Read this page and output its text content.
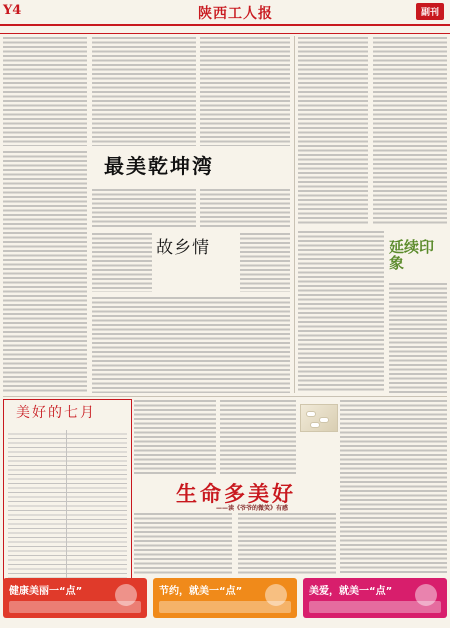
Y4	陕西工人报	副刊
最美乾坤湾
故乡情	延续印象
美好的七月
生命多美好
——读《爷爷的微笑》有感
健康美丽一“点”	节约，就美一“点”	美爱，就美一“点”
